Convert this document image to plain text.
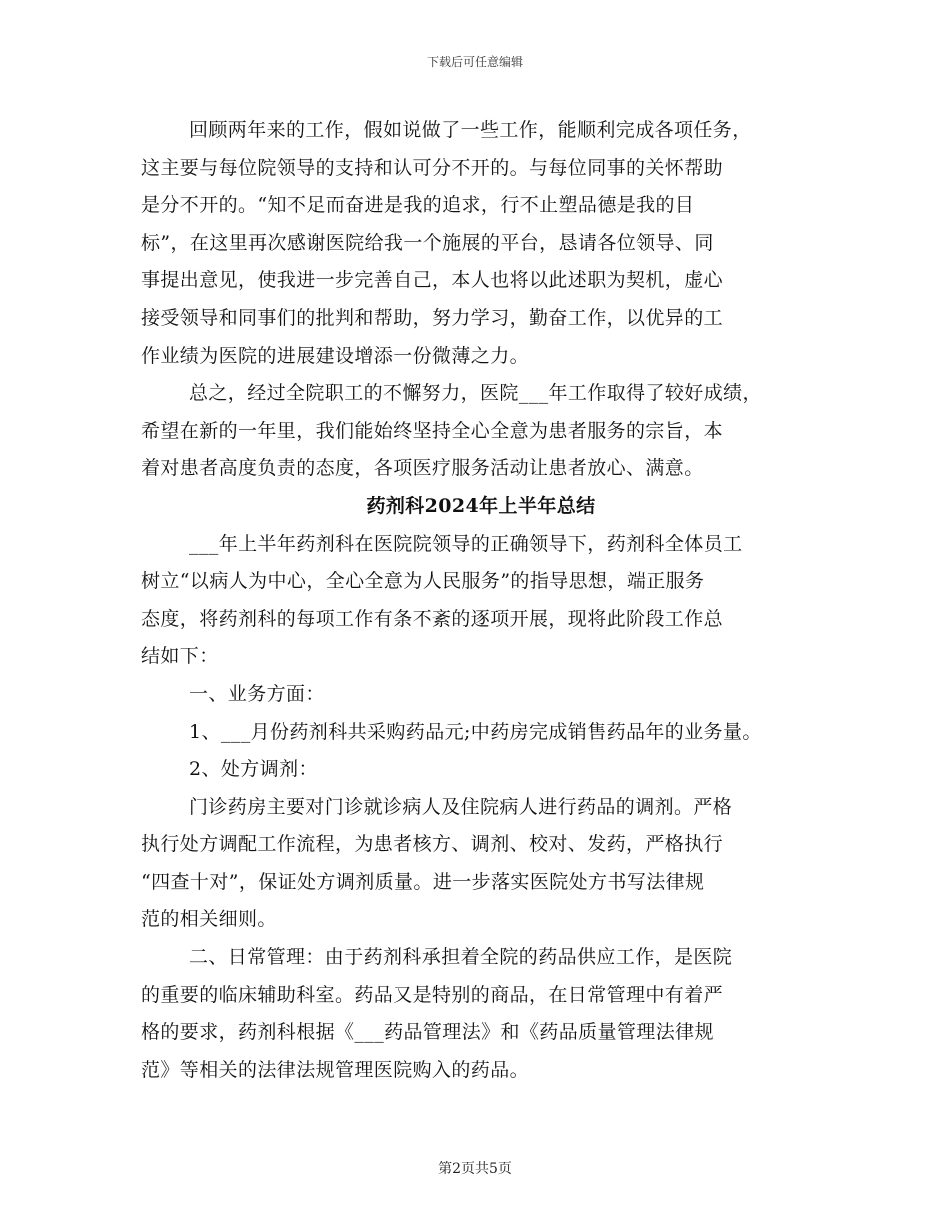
下载后可任意编辑
回顾两年来的工作，假如说做了一些工作，能顺利完成各项任务，
这主要与每位院领导的支持和认可分不开的。与每位同事的关怀帮助
是分不开的。“知不足而奋进是我的追求，行不止塑品德是我的目
标”，在这里再次感谢医院给我一个施展的平台，恳请各位领导、同
事提出意见，使我进一步完善自己，本人也将以此述职为契机，虚心
接受领导和同事们的批判和帮助，努力学习，勤奋工作，以优异的工
作业绩为医院的进展建设增添一份微薄之力。
总之，经过全院职工的不懈努力，医院___年工作取得了较好成绩，
希望在新的一年里，我们能始终坚持全心全意为患者服务的宗旨，本
着对患者高度负责的态度，各项医疗服务活动让患者放心、满意。
药剂科2024年上半年总结
___年上半年药剂科在医院院领导的正确领导下，药剂科全体员工
树立“以病人为中心，全心全意为人民服务”的指导思想，端正服务
态度，将药剂科的每项工作有条不紊的逐项开展，现将此阶段工作总
结如下：
一、业务方面：
1、___月份药剂科共采购药品元;中药房完成销售药品年的业务量。
2、处方调剂：
门诊药房主要对门诊就诊病人及住院病人进行药品的调剂。严格
执行处方调配工作流程，为患者核方、调剂、校对、发药，严格执行
“四查十对”，保证处方调剂质量。进一步落实医院处方书写法律规
范的相关细则。
二、日常管理：由于药剂科承担着全院的药品供应工作，是医院
的重要的临床辅助科室。药品又是特别的商品，在日常管理中有着严
格的要求，药剂科根据《___药品管理法》和《药品质量管理法律规
范》等相关的法律法规管理医院购入的药品。
第2页共5页
